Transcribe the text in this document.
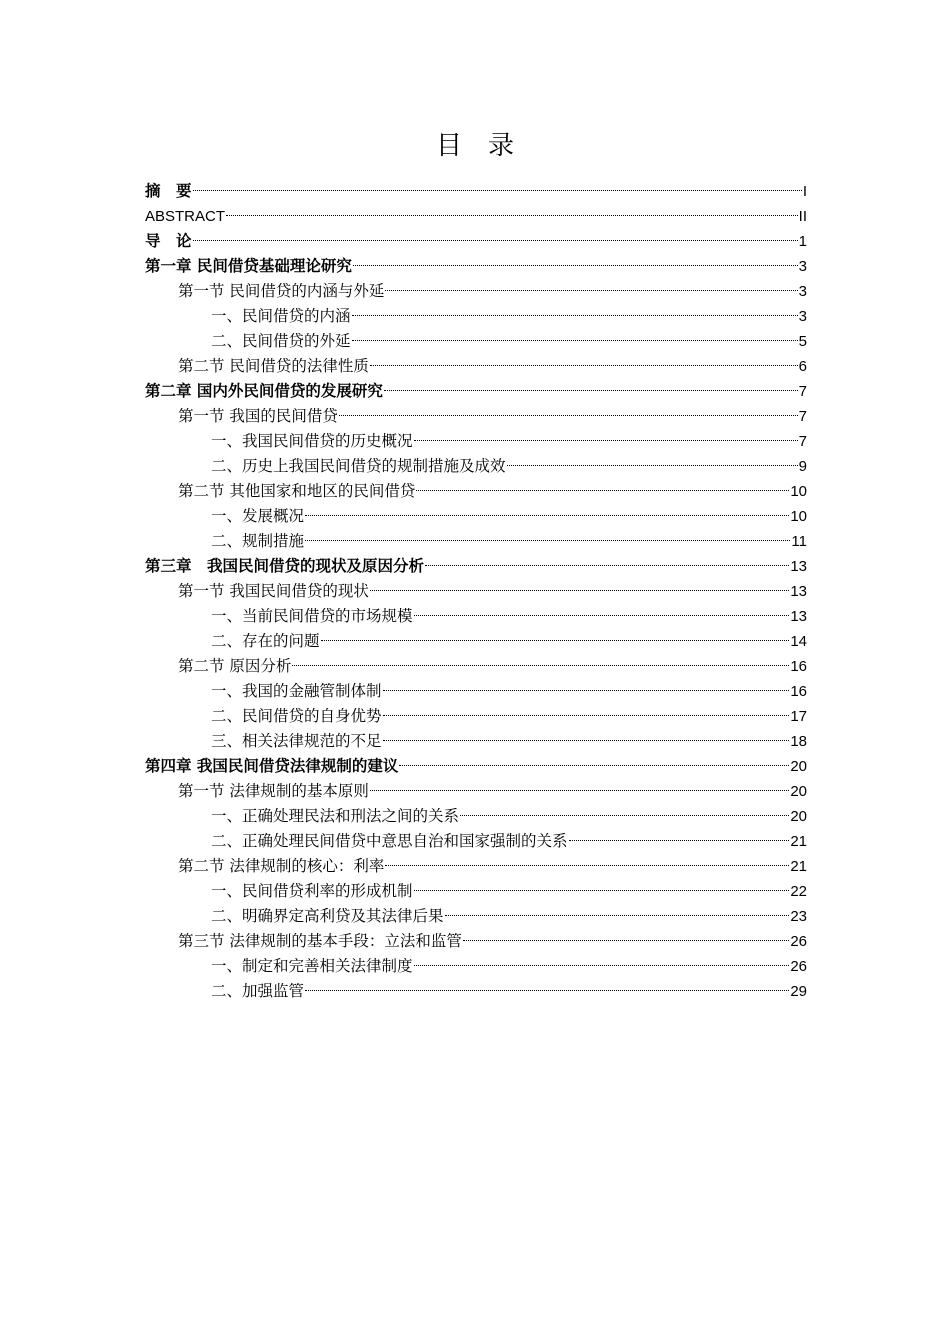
目　录
摘　要	I
ABSTRACT	II
导　论	1
第一章 民间借贷基础理论研究	3
第一节 民间借贷的内涵与外延	3
一、民间借贷的内涵	3
二、民间借贷的外延	5
第二节 民间借贷的法律性质	6
第二章 国内外民间借贷的发展研究	7
第一节 我国的民间借贷	7
一、我国民间借贷的历史概况	7
二、历史上我国民间借贷的规制措施及成效	9
第二节 其他国家和地区的民间借贷	10
一、发展概况	10
二、规制措施	11
第三章　我国民间借贷的现状及原因分析	13
第一节 我国民间借贷的现状	13
一、当前民间借贷的市场规模	13
二、存在的问题	14
第二节 原因分析	16
一、我国的金融管制体制	16
二、民间借贷的自身优势	17
三、相关法律规范的不足	18
第四章 我国民间借贷法律规制的建议	20
第一节 法律规制的基本原则	20
一、正确处理民法和刑法之间的关系	20
二、正确处理民间借贷中意思自治和国家强制的关系	21
第二节 法律规制的核心：利率	21
一、民间借贷利率的形成机制	22
二、明确界定高利贷及其法律后果	23
第三节 法律规制的基本手段：立法和监管	26
一、制定和完善相关法律制度	26
二、加强监管	29
